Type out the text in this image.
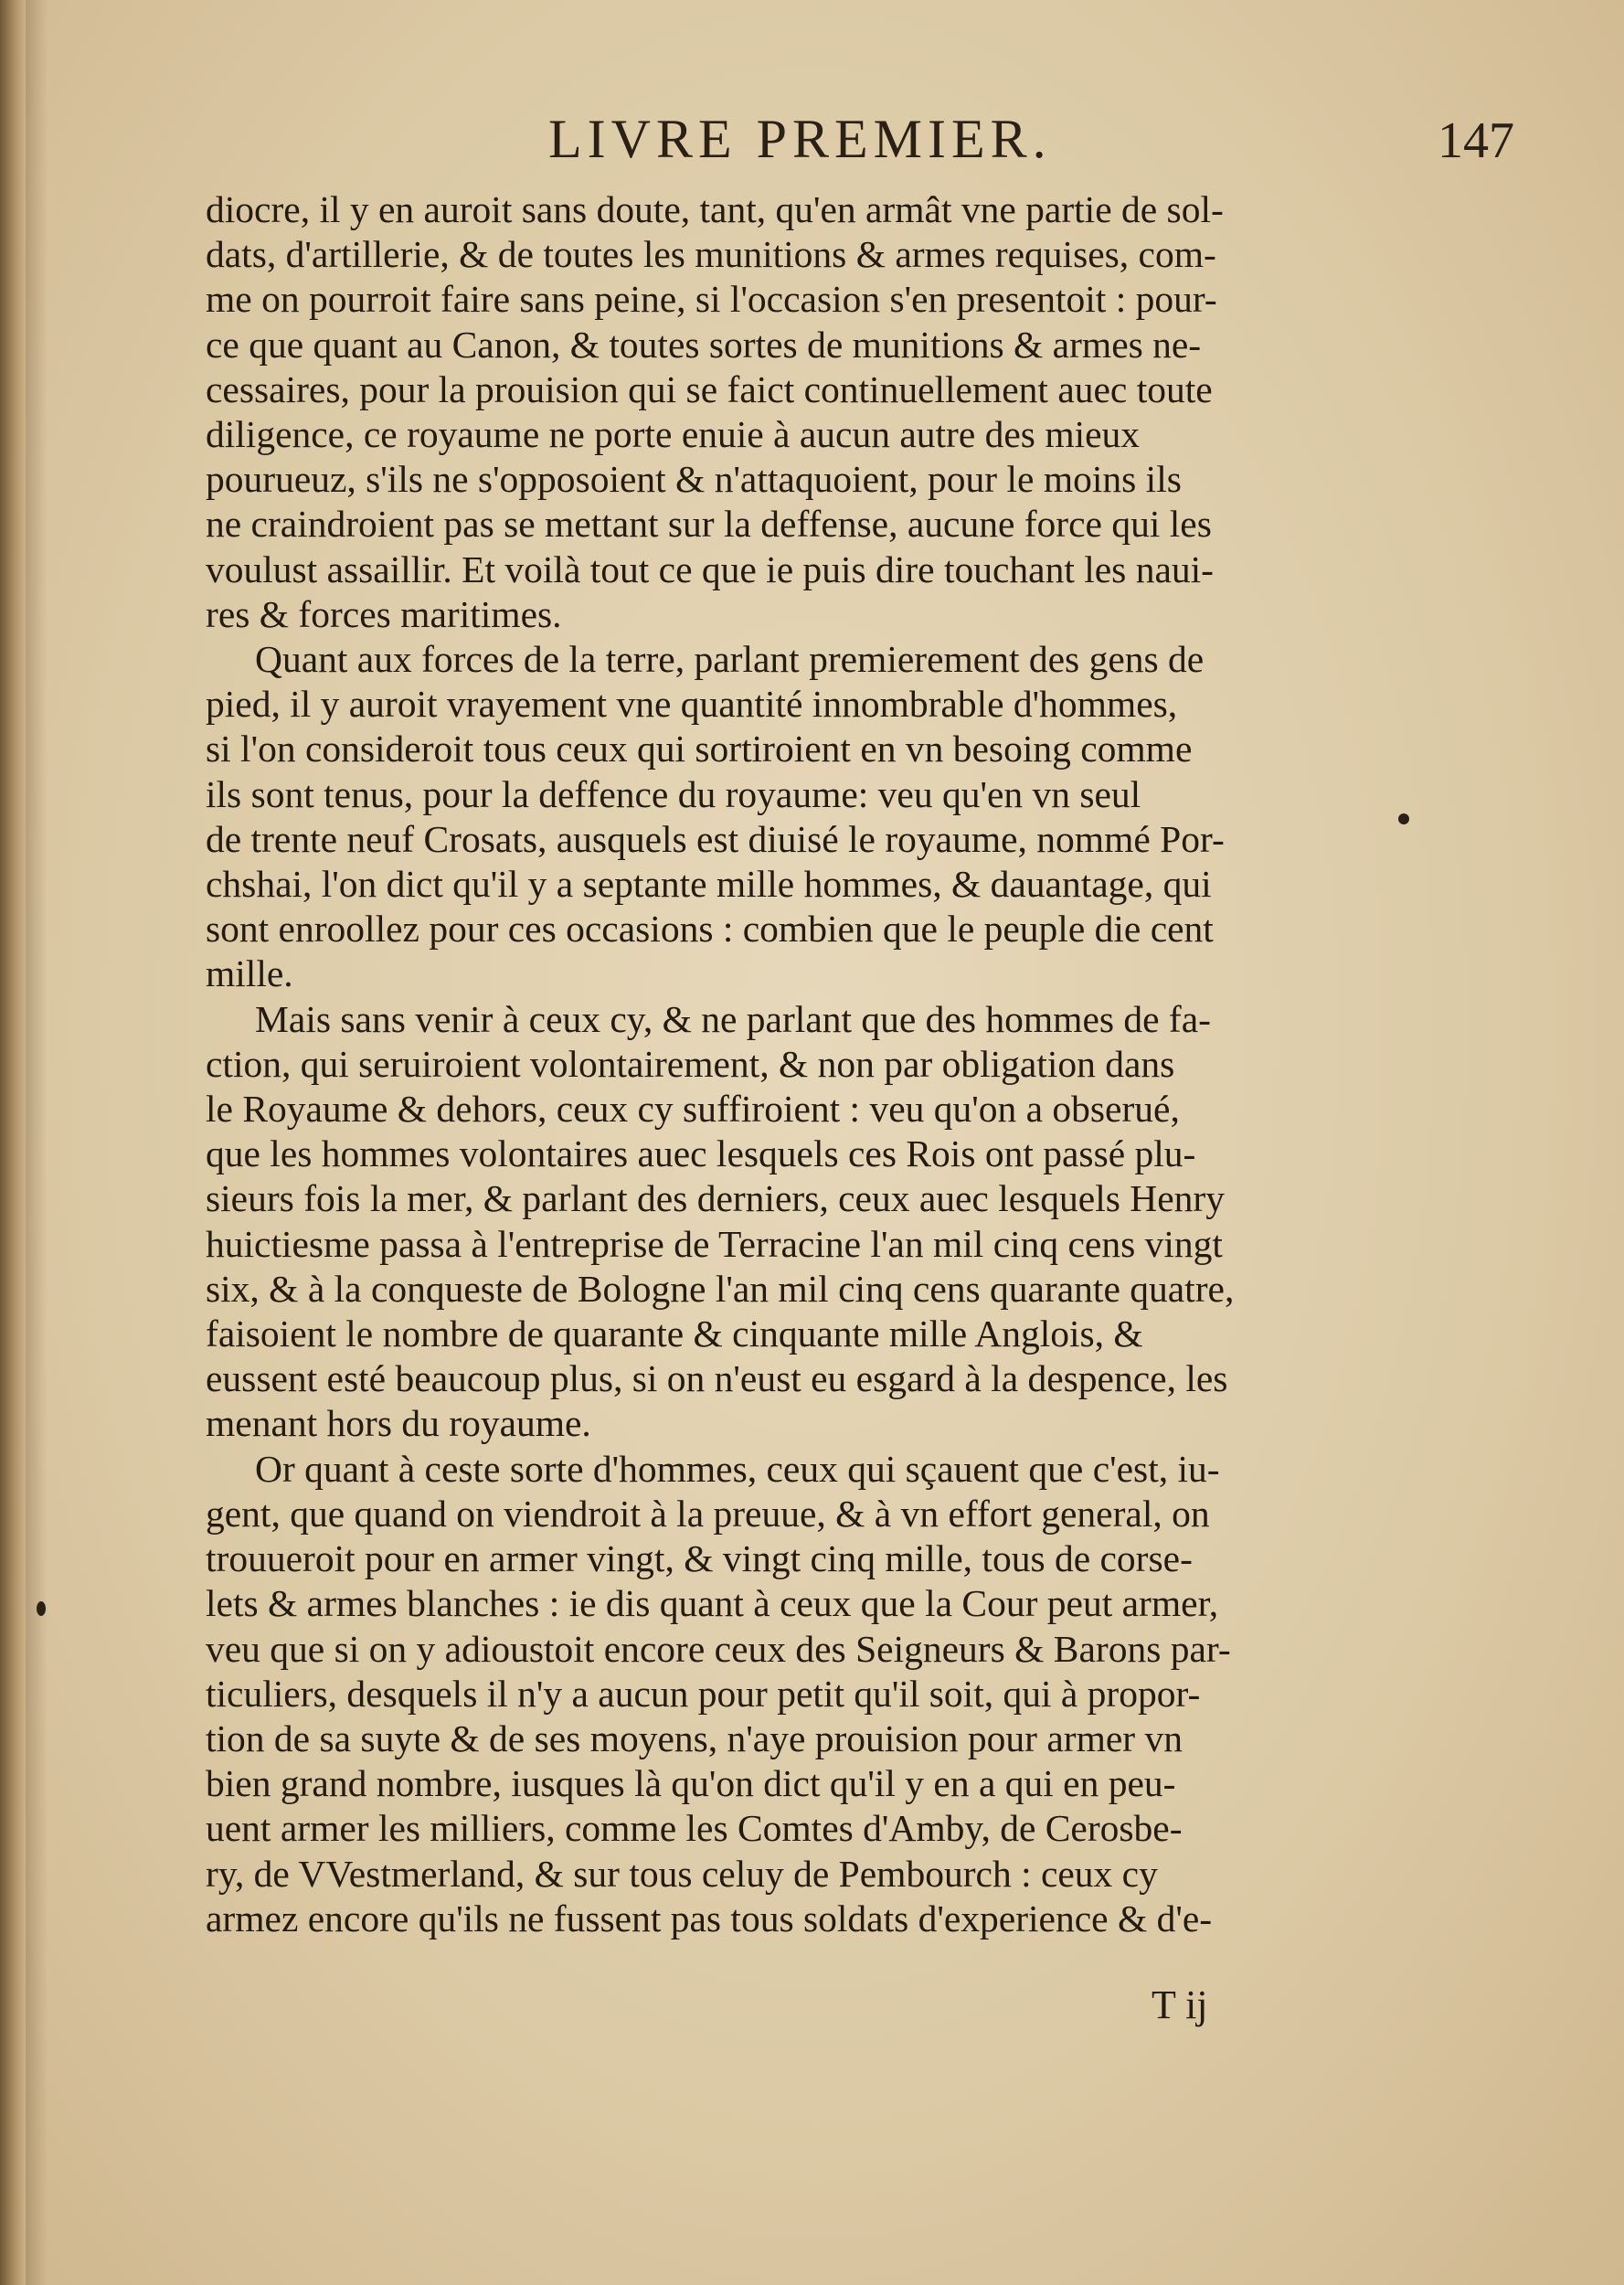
LIVRE PREMIER.	147
diocre, il y en auroit sans doute, tant, qu'en armât vne partie de sol-
dats, d'artillerie, & de toutes les munitions & armes requises, com-
me on pourroit faire sans peine, si l'occasion s'en presentoit : pour-
ce que quant au Canon, & toutes sortes de munitions & armes ne-
cessaires, pour la prouision qui se faict continuellement auec toute
diligence, ce royaume ne porte enuie à aucun autre des mieux
pourueuz, s'ils ne s'opposoient & n'attaquoient, pour le moins ils
ne craindroient pas se mettant sur la deffense, aucune force qui les
voulust assaillir. Et voilà tout ce que ie puis dire touchant les naui-
res & forces maritimes.
Quant aux forces de la terre, parlant premierement des gens de
pied, il y auroit vrayement vne quantité innombrable d'hommes,
si l'on consideroit tous ceux qui sortiroient en vn besoing comme
ils sont tenus, pour la deffence du royaume: veu qu'en vn seul
de trente neuf Crosats, ausquels est diuisé le royaume, nommé Por-
chshai, l'on dict qu'il y a septante mille hommes, & dauantage, qui
sont enroollez pour ces occasions : combien que le peuple die cent
mille.
Mais sans venir à ceux cy, & ne parlant que des hommes de fa-
ction, qui seruiroient volontairement, & non par obligation dans
le Royaume & dehors, ceux cy suffiroient : veu qu'on a obserué,
que les hommes volontaires auec lesquels ces Rois ont passé plu-
sieurs fois la mer, & parlant des derniers, ceux auec lesquels Henry
huictiesme passa à l'entreprise de Terracine l'an mil cinq cens vingt
six, & à la conqueste de Bologne l'an mil cinq cens quarante quatre,
faisoient le nombre de quarante & cinquante mille Anglois, &
eussent esté beaucoup plus, si on n'eust eu esgard à la despence, les
menant hors du royaume.
Or quant à ceste sorte d'hommes, ceux qui sçauent que c'est, iu-
gent, que quand on viendroit à la preuue, & à vn effort general, on
trouueroit pour en armer vingt, & vingt cinq mille, tous de corse-
lets & armes blanches : ie dis quant à ceux que la Cour peut armer,
veu que si on y adioustoit encore ceux des Seigneurs & Barons par-
ticuliers, desquels il n'y a aucun pour petit qu'il soit, qui à propor-
tion de sa suyte & de ses moyens, n'aye prouision pour armer vn
bien grand nombre, iusques là qu'on dict qu'il y en a qui en peu-
uent armer les milliers, comme les Comtes d'Amby, de Cerosbe-
ry, de VVestmerland, & sur tous celuy de Pembourch : ceux cy
armez encore qu'ils ne fussent pas tous soldats d'experience & d'e-
T ij
